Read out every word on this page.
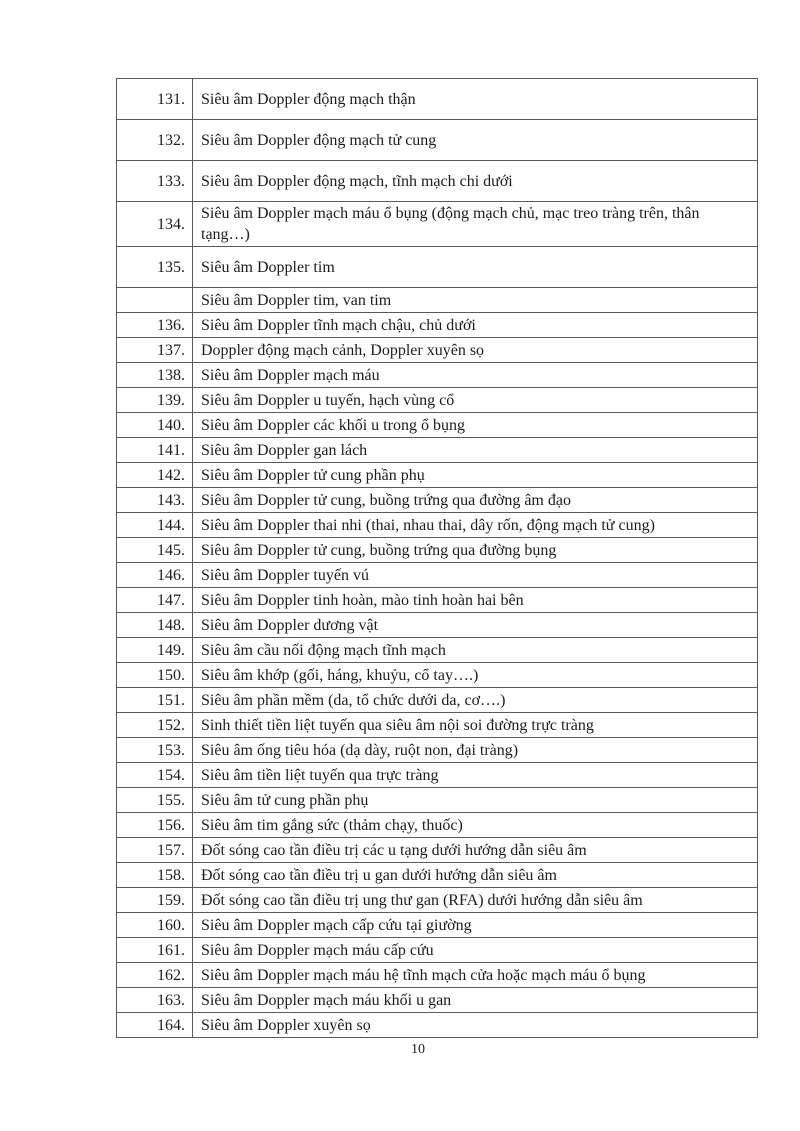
131.	Siêu âm Doppler động mạch thận
132.	Siêu âm Doppler động mạch tử cung
133.	Siêu âm Doppler động mạch, tĩnh mạch chi dưới
134.	Siêu âm Doppler mạch máu ổ bụng (động mạch chủ, mạc treo tràng trên, thân tạng…)
135.	Siêu âm Doppler tim
	Siêu âm Doppler tim, van tim
136.	Siêu âm Doppler tĩnh mạch chậu, chủ dưới
137.	Doppler động mạch cảnh, Doppler xuyên sọ
138.	Siêu âm Doppler mạch máu
139.	Siêu âm Doppler u tuyến, hạch vùng cổ
140.	Siêu âm Doppler các khối u trong ổ bụng
141.	Siêu âm Doppler gan lách
142.	Siêu âm Doppler tử cung phần phụ
143.	Siêu âm Doppler tử cung, buồng trứng qua đường âm đạo
144.	Siêu âm Doppler thai nhi (thai, nhau thai, dây rốn, động mạch tử cung)
145.	Siêu âm Doppler tử cung, buồng trứng qua đường bụng
146.	Siêu âm Doppler tuyến vú
147.	Siêu âm Doppler tinh hoàn, mào tinh hoàn hai bên
148.	Siêu âm Doppler dương vật
149.	Siêu âm cầu nối động mạch tĩnh mạch
150.	Siêu âm khớp (gối, háng, khuỷu, cổ tay….)
151.	Siêu âm phần mềm (da, tổ chức dưới da, cơ….)
152.	Sinh thiết tiền liệt tuyến qua siêu âm nội soi đường trực tràng
153.	Siêu âm ống tiêu hóa (dạ dày, ruột non, đại tràng)
154.	Siêu âm tiền liệt tuyến qua trực tràng
155.	Siêu âm tử cung phần phụ
156.	Siêu âm tim gắng sức (thảm chạy, thuốc)
157.	Đốt sóng cao tần điều trị các u tạng dưới hướng dẫn siêu âm
158.	Đốt sóng cao tần điều trị u gan dưới hướng dẫn siêu âm
159.	Đốt sóng cao tần điều trị ung thư gan (RFA) dưới hướng dẫn siêu âm
160.	Siêu âm Doppler mạch cấp cứu tại giường
161.	Siêu âm Doppler mạch máu cấp cứu
162.	Siêu âm Doppler mạch máu hệ tĩnh mạch cửa hoặc mạch máu ổ bụng
163.	Siêu âm Doppler mạch máu khối u gan
164.	Siêu âm Doppler xuyên sọ
10
